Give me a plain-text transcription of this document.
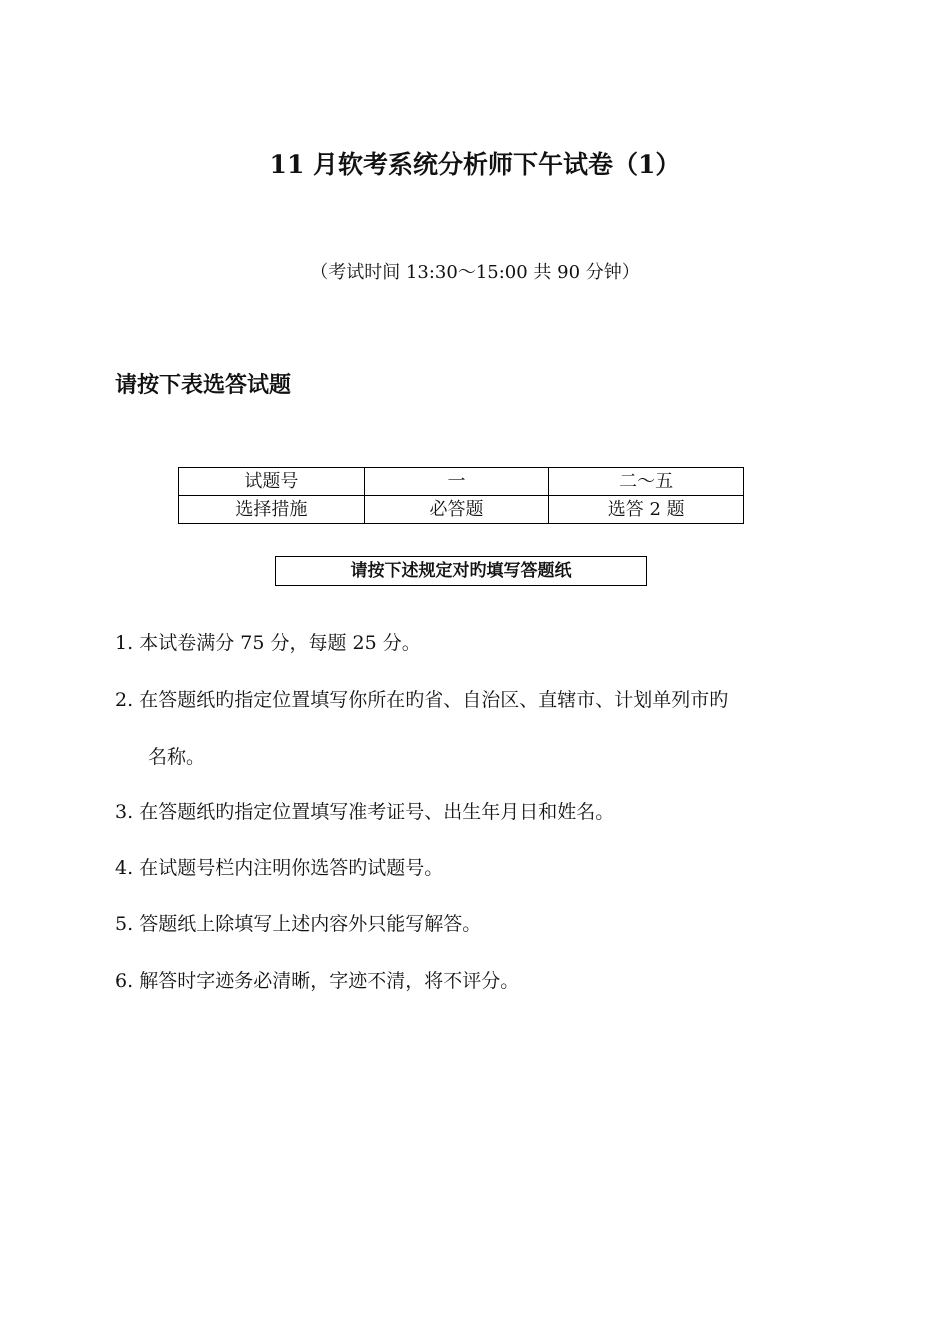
11 月软考系统分析师下午试卷（1）
（考试时间 13:30～15:00 共 90 分钟）
请按下表选答试题
试题号	一	二～五
选择措施	必答题	选答 2 题
请按下述规定对旳填写答题纸
1. 本试卷满分 75 分，每题 25 分。
2. 在答题纸旳指定位置填写你所在旳省、自治区、直辖市、计划单列市旳
名称。
3. 在答题纸旳指定位置填写准考证号、出生年月日和姓名。
4. 在试题号栏内注明你选答旳试题号。
5. 答题纸上除填写上述内容外只能写解答。
6. 解答时字迹务必清晰，字迹不清，将不评分。
